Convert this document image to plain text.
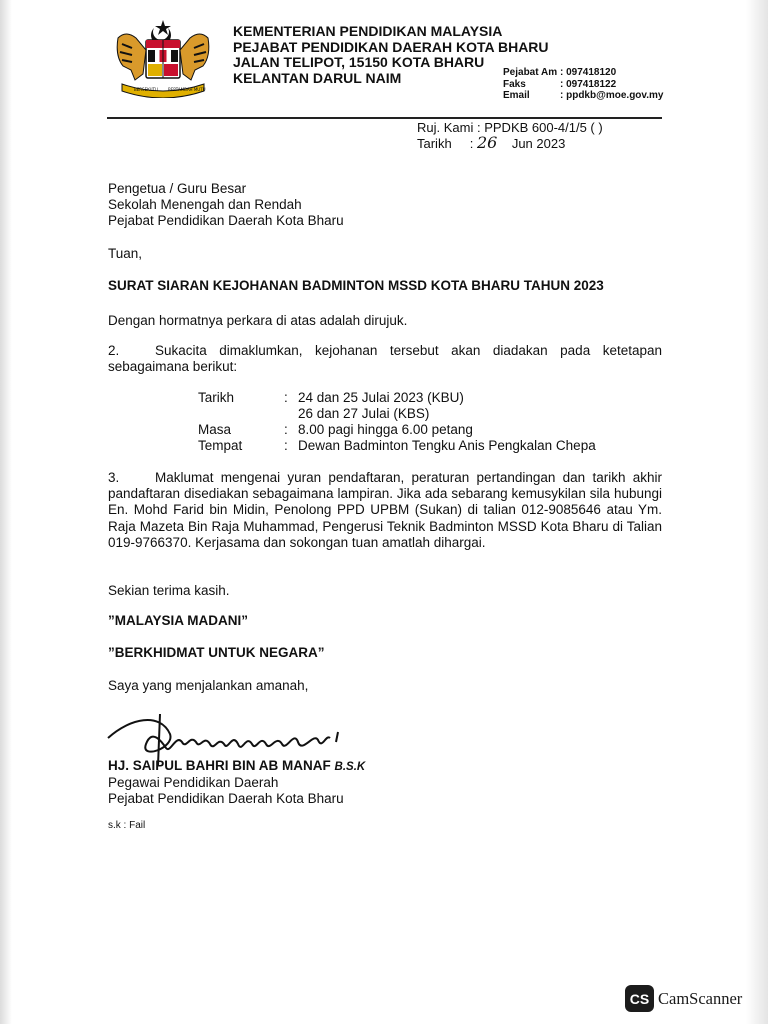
BERSEKUTU	BERTAMBAH MUTU
KEMENTERIAN PENDIDIKAN MALAYSIA
PEJABAT PENDIDIKAN DAERAH KOTA BHARU
JALAN TELIPOT, 15150 KOTA BHARU
KELANTAN DARUL NAIM	Pejabat Am : 097418120
Faks	: 097418122
Email	: ppdkb@moe.gov.my
Ruj. Kami : PPDKB 600-4/1/5 ( )
Tarikh : 26 Jun 2023
Pengetua / Guru Besar
Sekolah Menengah dan Rendah
Pejabat Pendidikan Daerah Kota Bharu
Tuan,
SURAT SIARAN KEJOHANAN BADMINTON MSSD KOTA BHARU TAHUN 2023
Dengan hormatnya perkara di atas adalah dirujuk.
2.	Sukacita dimaklumkan, kejohanan tersebut akan diadakan pada ketetapan sebagaimana berikut:
Tarikh	: 24 dan 25 Julai 2023 (KBU)
26 dan 27 Julai (KBS)
Masa	: 8.00 pagi hingga 6.00 petang
Tempat	: Dewan Badminton Tengku Anis Pengkalan Chepa
3.	Maklumat mengenai yuran pendaftaran, peraturan pertandingan dan tarikh akhir pandaftaran disediakan sebagaimana lampiran. Jika ada sebarang kemusykilan sila hubungi En. Mohd Farid bin Midin, Penolong PPD UPBM (Sukan) di talian 012-9085646 atau Ym. Raja Mazeta Bin Raja Muhammad, Pengerusi Teknik Badminton MSSD Kota Bharu di Talian 019-9766370. Kerjasama dan sokongan tuan amatlah dihargai.
Sekian terima kasih.
”MALAYSIA MADANI”
”BERKHIDMAT UNTUK NEGARA”
Saya yang menjalankan amanah,
HJ. SAIPUL BAHRI BIN AB MANAF B.S.K
Pegawai Pendidikan Daerah
Pejabat Pendidikan Daerah Kota Bharu
s.k : Fail
CS CamScanner
